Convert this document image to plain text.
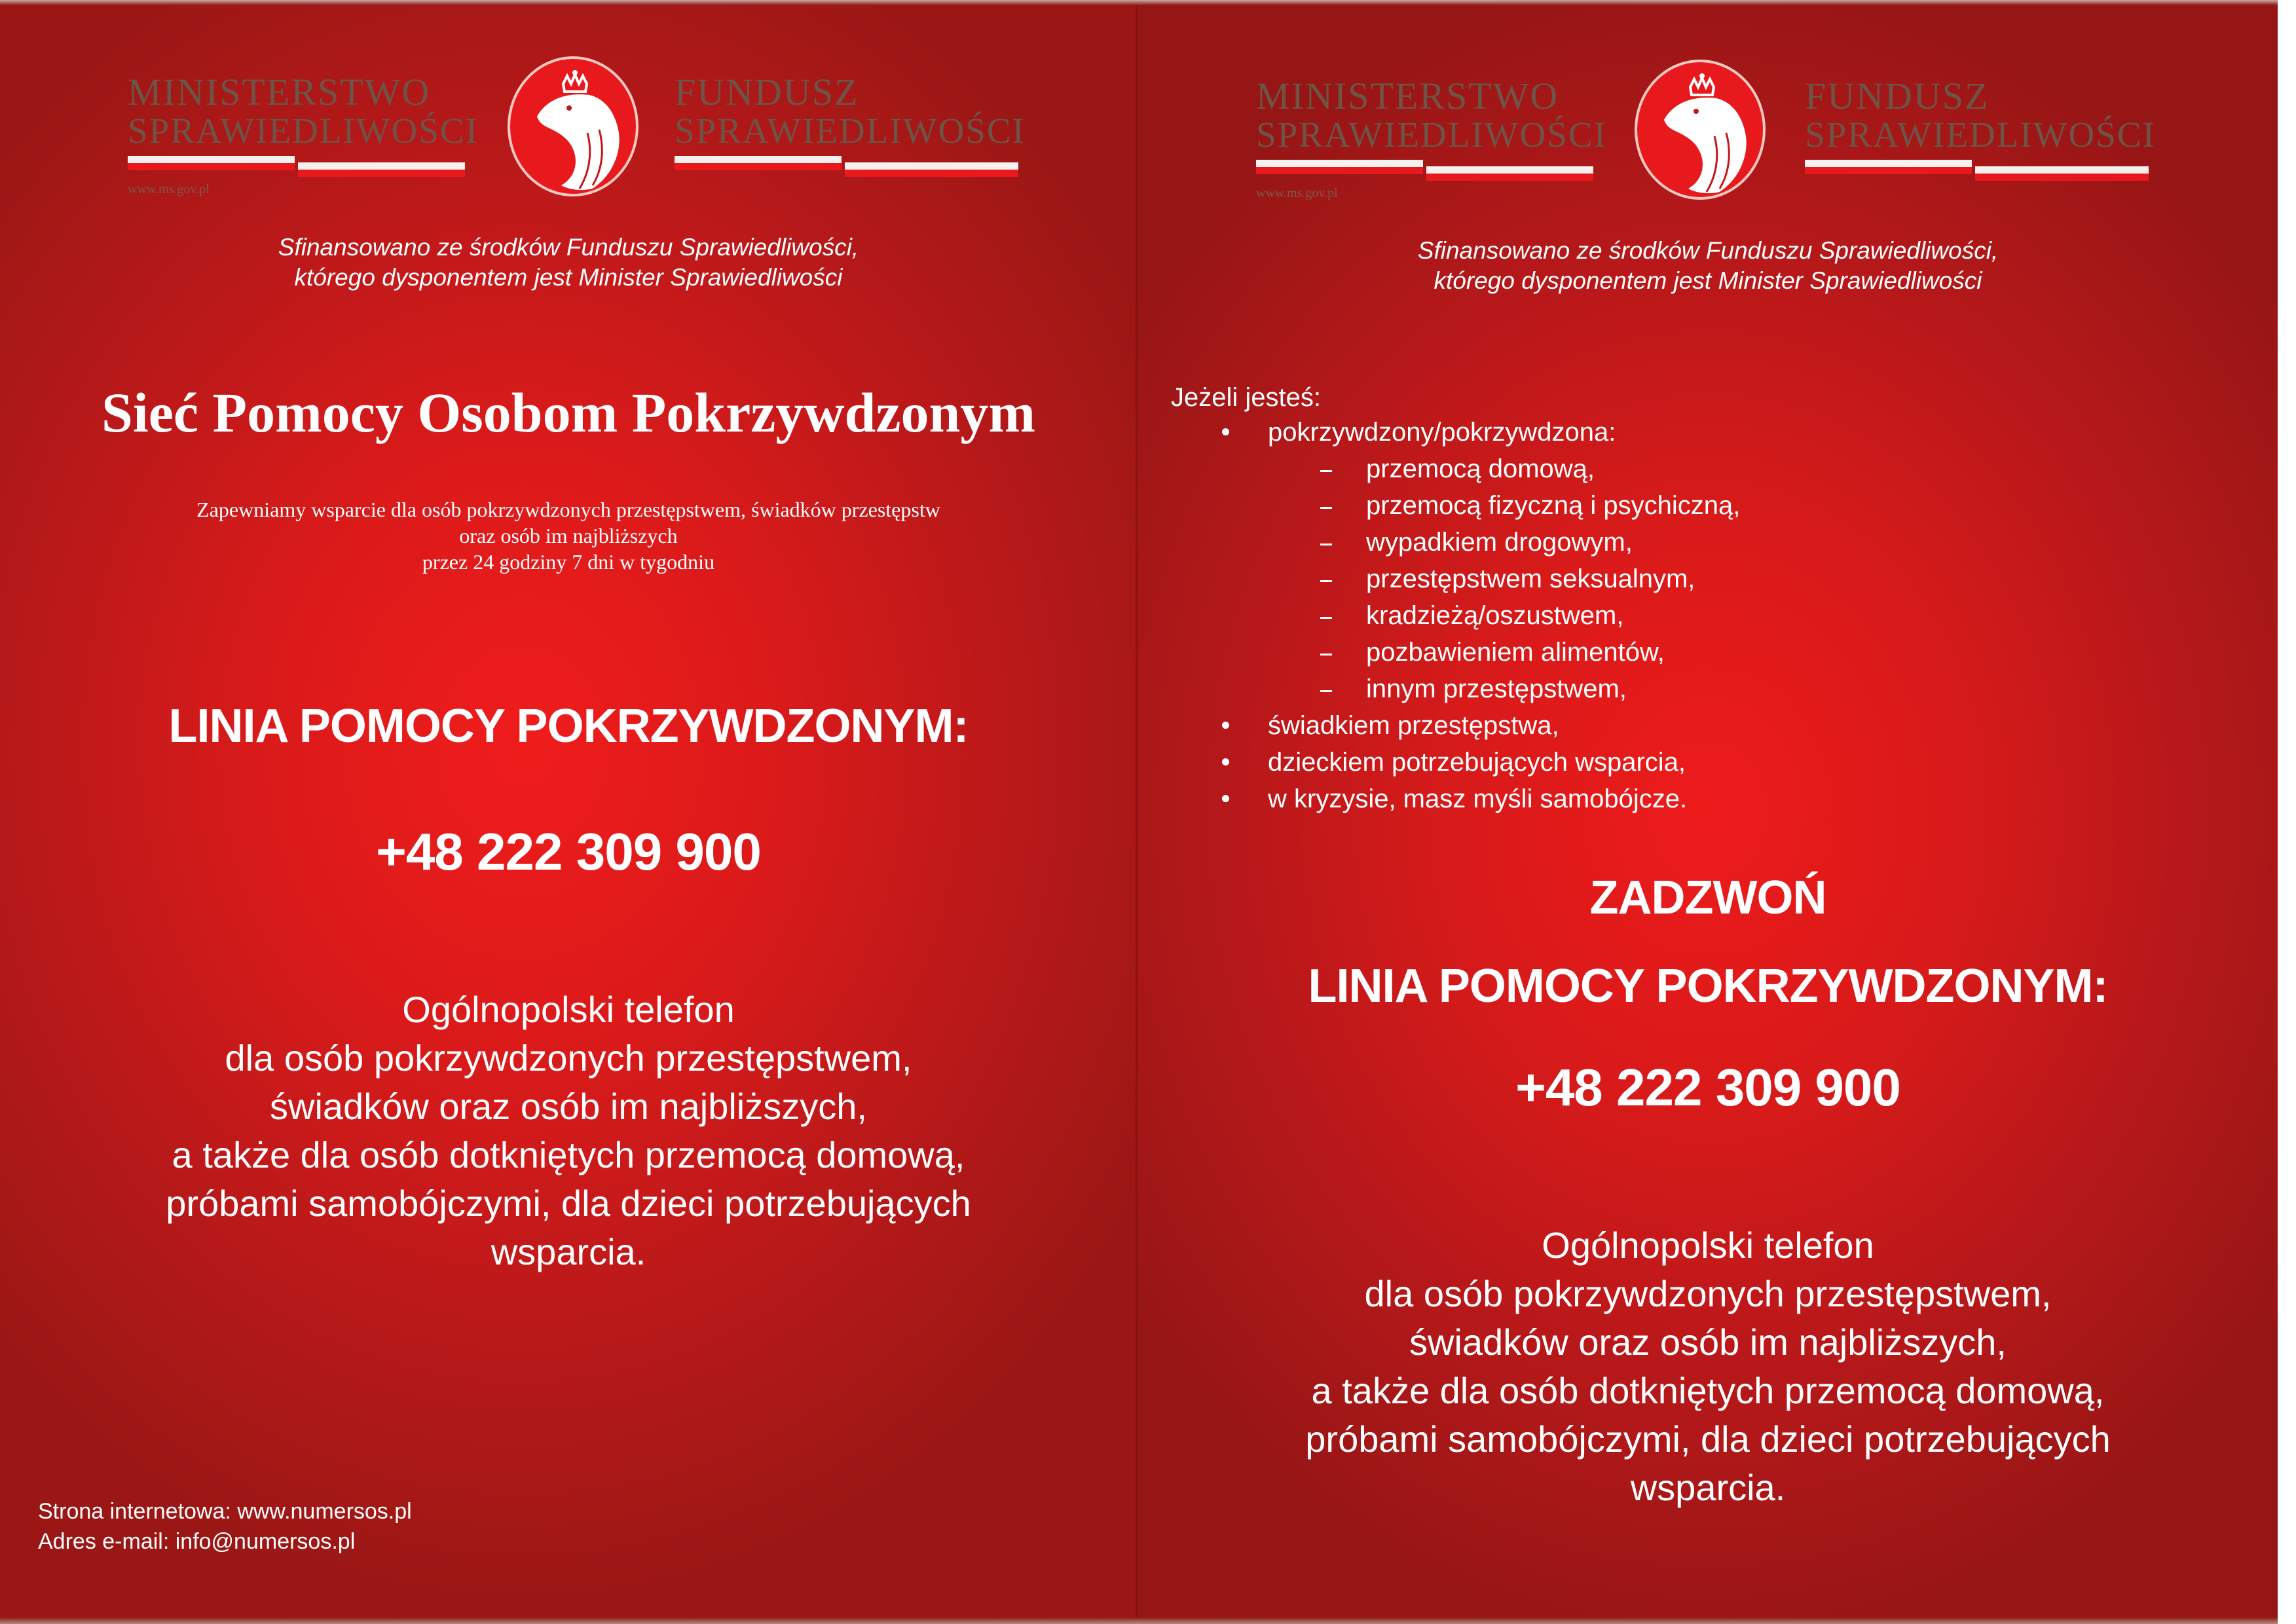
MINISTERSTWO
SPRAWIEDLIWOŚCI
www.ms.gov.pl
FUNDUSZ
SPRAWIEDLIWOŚCI
Sfinansowano ze środków Funduszu Sprawiedliwości,
którego dysponentem jest Minister Sprawiedliwości
Sieć Pomocy Osobom Pokrzywdzonym
Zapewniamy wsparcie dla osób pokrzywdzonych przestępstwem, świadków przestępstw
oraz osób im najbliższych
przez 24 godziny 7 dni w tygodniu
LINIA POMOCY POKRZYWDZONYM:
+48 222 309 900
Ogólnopolski telefon
dla osób pokrzywdzonych przestępstwem,
świadków oraz osób im najbliższych,
a także dla osób dotkniętych przemocą domową,
próbami samobójczymi, dla dzieci potrzebujących
wsparcia.
Strona internetowa: www.numersos.pl
Adres e-mail: info@numersos.pl
MINISTERSTWO
SPRAWIEDLIWOŚCI
www.ms.gov.pl
FUNDUSZ
SPRAWIEDLIWOŚCI
Sfinansowano ze środków Funduszu Sprawiedliwości,
którego dysponentem jest Minister Sprawiedliwości
Jeżeli jesteś:
pokrzywdzony/pokrzywdzona:
przemocą domową,
przemocą fizyczną i psychiczną,
wypadkiem drogowym,
przestępstwem seksualnym,
kradzieżą/oszustwem,
pozbawieniem alimentów,
innym przestępstwem,
świadkiem przestępstwa,
dzieckiem potrzebujących wsparcia,
w kryzysie, masz myśli samobójcze.
ZADZWOŃ
LINIA POMOCY POKRZYWDZONYM:
+48 222 309 900
Ogólnopolski telefon
dla osób pokrzywdzonych przestępstwem,
świadków oraz osób im najbliższych,
a także dla osób dotkniętych przemocą domową,
próbami samobójczymi, dla dzieci potrzebujących
wsparcia.
